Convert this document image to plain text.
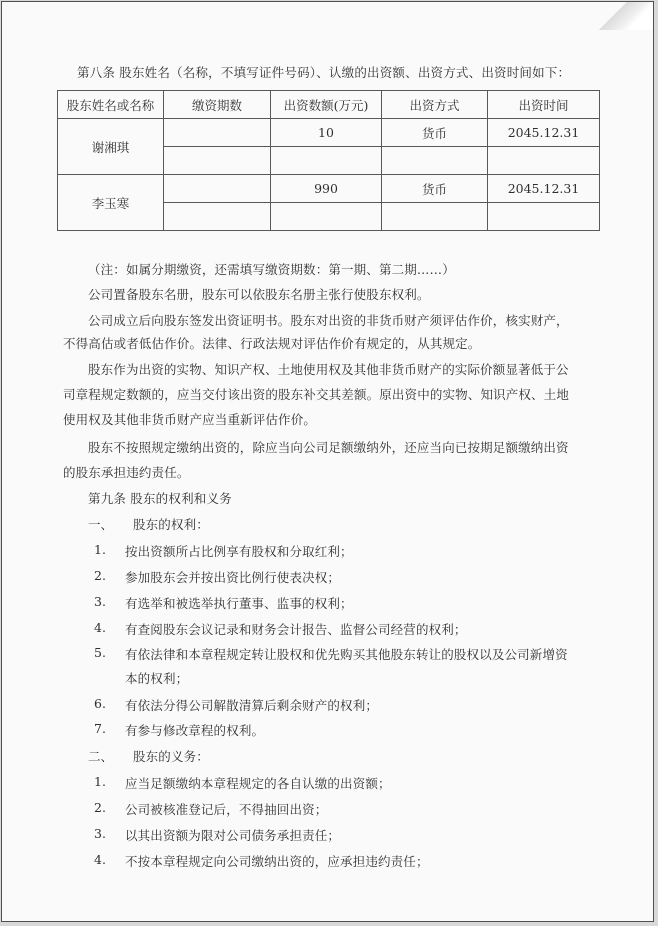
第八条 股东姓名（名称，不填写证件号码）、认缴的出资额、出资方式、出资时间如下：
股东姓名或名称	缴资期数	出资数额(万元)	出资方式	出资时间
谢湘琪		10	货币	2045.12.31

李玉寒		990	货币	2045.12.31

（注：如属分期缴资，还需填写缴资期数：第一期、第二期……）
公司置备股东名册，股东可以依股东名册主张行使股东权利。
公司成立后向股东签发出资证明书。股东对出资的非货币财产须评估作价，核实财产，
不得高估或者低估作价。法律、行政法规对评估作价有规定的，从其规定。
股东作为出资的实物、知识产权、土地使用权及其他非货币财产的实际价额显著低于公
司章程规定数额的，应当交付该出资的股东补交其差额。原出资中的实物、知识产权、土地
使用权及其他非货币财产应当重新评估作价。
股东不按照规定缴纳出资的，除应当向公司足额缴纳外，还应当向已按期足额缴纳出资
的股东承担违约责任。
第九条 股东的权利和义务
一、 股东的权利：
1. 按出资额所占比例享有股权和分取红利；
2. 参加股东会并按出资比例行使表决权；
3. 有选举和被选举执行董事、监事的权利；
4. 有查阅股东会议记录和财务会计报告、监督公司经营的权利；
5. 有依法律和本章程规定转让股权和优先购买其他股东转让的股权以及公司新增资
本的权利；
6. 有依法分得公司解散清算后剩余财产的权利；
7. 有参与修改章程的权利。
二、 股东的义务：
1. 应当足额缴纳本章程规定的各自认缴的出资额；
2. 公司被核准登记后，不得抽回出资；
3. 以其出资额为限对公司债务承担责任；
4. 不按本章程规定向公司缴纳出资的，应承担违约责任；
